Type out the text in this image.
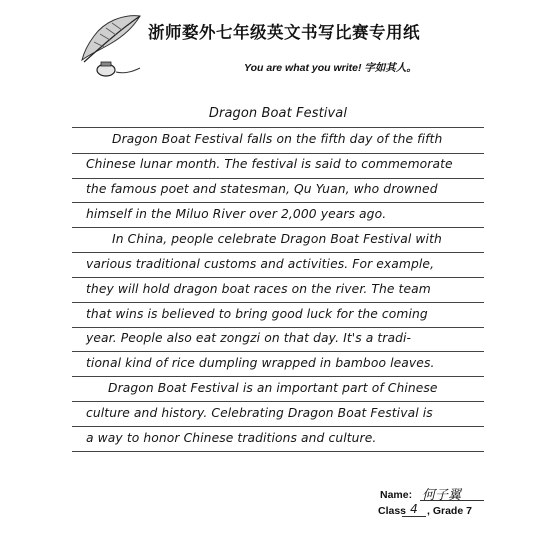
浙师婺外七年级英文书写比赛专用纸
You are what you write! 字如其人。
Dragon Boat Festival
Dragon Boat Festival falls on the fifth day of the fifth
Chinese lunar month. The festival is said to commemorate
the famous poet and statesman, Qu Yuan, who drowned
himself in the Miluo River over 2,000 years ago.
In China, people celebrate Dragon Boat Festival with
various traditional customs and activities. For example,
they will hold dragon boat races on the river. The team
that wins is believed to bring good luck for the coming
year. People also eat zongzi on that day. It's a tradi-
tional kind of rice dumpling wrapped in bamboo leaves.
Dragon Boat Festival is an important part of Chinese
culture and history. Celebrating Dragon Boat Festival is
a way to honor Chinese traditions and culture.
Name: 何子翼
Class 4 , Grade 7
